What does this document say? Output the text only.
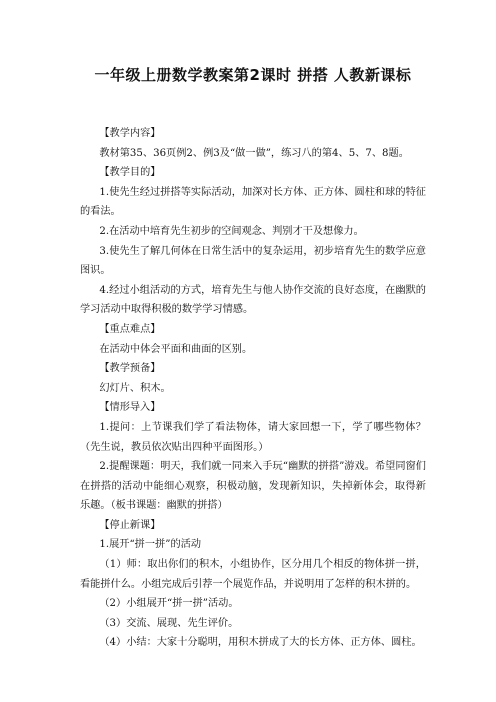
一年级上册数学教案第2课时 拼搭 人教新课标

【教学内容】

教材第35、36页例2、例3及“做一做”，练习八的第4、5、7、8题。

【教学目的】

1.使先生经过拼搭等实际活动，加深对长方体、正方体、圆柱和球的特征的看法。

2.在活动中培育先生初步的空间观念、判别才干及想像力。

3.使先生了解几何体在日常生活中的复杂运用，初步培育先生的数学应意图识。

4.经过小组活动的方式，培育先生与他人协作交流的良好态度，在幽默的学习活动中取得积极的数学学习情感。

【重点难点】

在活动中体会平面和曲面的区别。

【教学预备】

幻灯片、积木。

【情形导入】

1.提问：上节课我们学了看法物体，请大家回想一下，学了哪些物体？（先生说，教员依次贴出四种平面图形。）

2.提醒课题：明天，我们就一同来入手玩“幽默的拼搭”游戏。希望同窗们在拼搭的活动中能细心观察，积极动脑，发现新知识，失掉新体会，取得新乐趣。（板书课题：幽默的拼搭）

【停止新课】

1.展开“拼一拼”的活动

（1）师：取出你们的积木，小组协作，区分用几个相反的物体拼一拼，看能拼什么。小组完成后引荐一个展览作品，并说明用了怎样的积木拼的。

（2）小组展开“拼一拼”活动。

（3）交流、展现、先生评价。

（4）小结：大家十分聪明，用积木拼成了大的长方体、正方体、圆柱。
